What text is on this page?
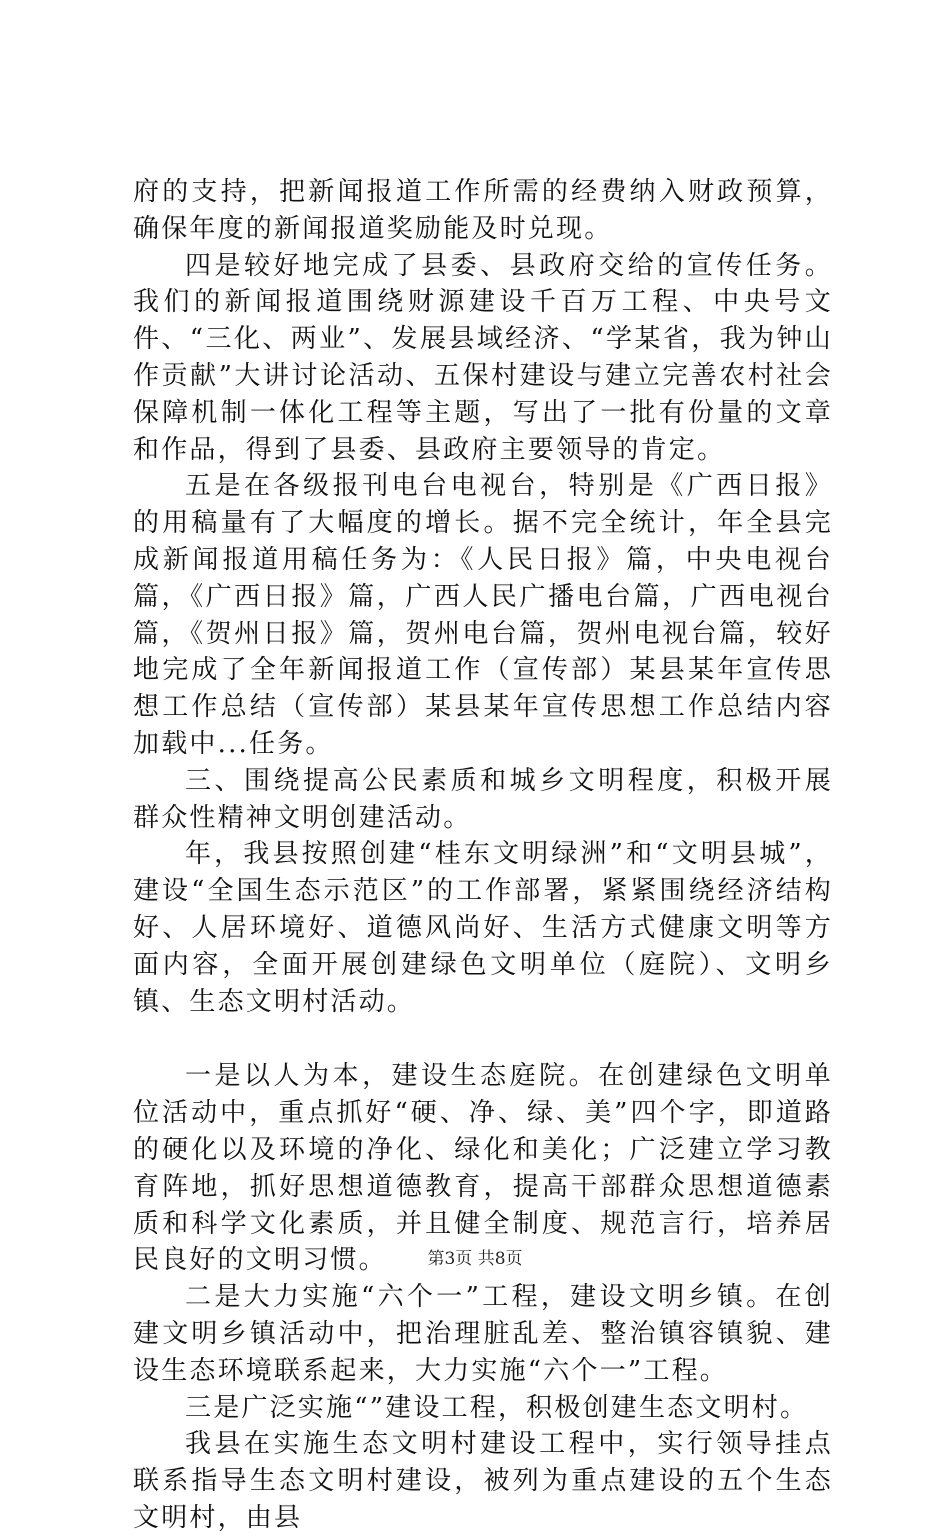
府的支持，把新闻报道工作所需的经费纳入财政预算，确保年度的新闻报道奖励能及时兑现。

四是较好地完成了县委、县政府交给的宣传任务。我们的新闻报道围绕财源建设千百万工程、中央号文件、“三化、两业”、发展县域经济、“学某省，我为钟山作贡献”大讲讨论活动、五保村建设与建立完善农村社会保障机制一体化工程等主题，写出了一批有份量的文章和作品，得到了县委、县政府主要领导的肯定。

五是在各级报刊电台电视台，特别是《广西日报》的用稿量有了大幅度的增长。据不完全统计，年全县完成新闻报道用稿任务为：《人民日报》篇，中央电视台篇，《广西日报》篇，广西人民广播电台篇，广西电视台篇，《贺州日报》篇，贺州电台篇，贺州电视台篇，较好地完成了全年新闻报道工作（宣传部）某县某年宣传思想工作总结（宣传部）某县某年宣传思想工作总结内容加载中...任务。

三、围绕提高公民素质和城乡文明程度，积极开展群众性精神文明创建活动。

年，我县按照创建“桂东文明绿洲”和“文明县城”，建设“全国生态示范区”的工作部署，紧紧围绕经济结构好、人居环境好、道德风尚好、生活方式健康文明等方面内容，全面开展创建绿色文明单位（庭院）、文明乡镇、生态文明村活动。

一是以人为本，建设生态庭院。在创建绿色文明单位活动中，重点抓好“硬、净、绿、美”四个字，即道路的硬化以及环境的净化、绿化和美化；广泛建立学习教育阵地，抓好思想道德教育，提高干部群众思想道德素质和科学文化素质，并且健全制度、规范言行，培养居民良好的文明习惯。

二是大力实施“六个一”工程，建设文明乡镇。在创建文明乡镇活动中，把治理脏乱差、整治镇容镇貌、建设生态环境联系起来，大力实施“六个一”工程。

三是广泛实施“”建设工程，积极创建生态文明村。

我县在实施生态文明村建设工程中，实行领导挂点联系指导生态文明村建设，被列为重点建设的五个生态文明村，由县

第3页 共8页
